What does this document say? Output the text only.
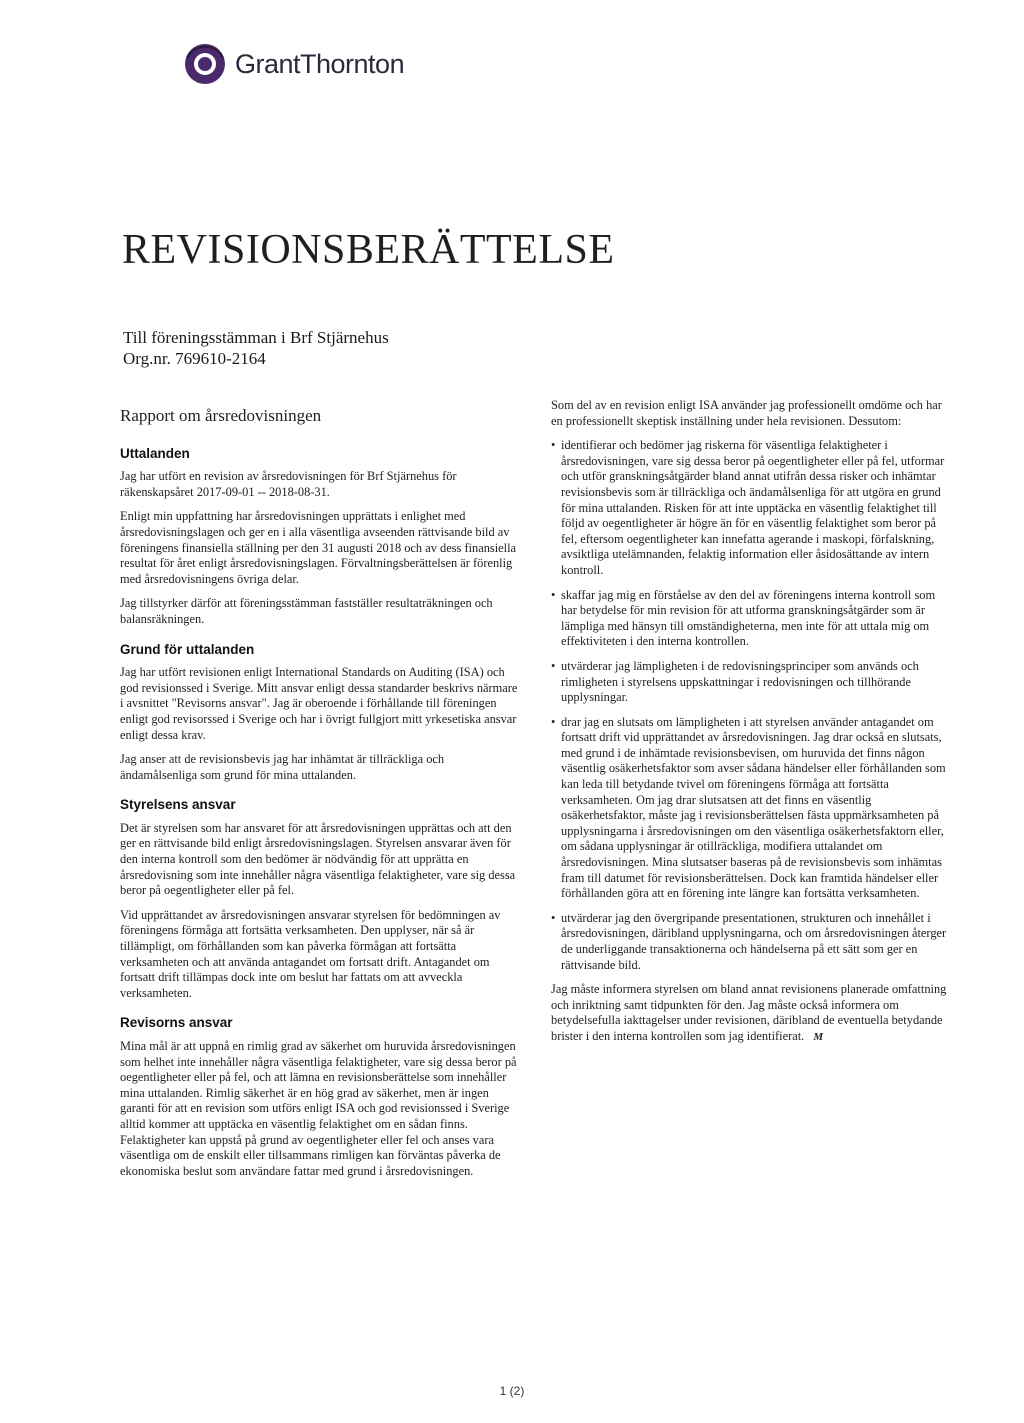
GrantThornton
REVISIONSBERÄTTELSE
Till föreningsstämman i Brf Stjärnehus
Org.nr. 769610-2164
Rapport om årsredovisningen
Uttalanden

Jag har utfört en revision av årsredovisningen för Brf Stjärnehus för räkenskapsåret 2017-09-01 -- 2018-08-31.

Enligt min uppfattning har årsredovisningen upprättats i enlighet med årsredovisningslagen och ger en i alla väsentliga avseenden rättvisande bild av föreningens finansiella ställning per den 31 augusti 2018 och av dess finansiella resultat för året enligt årsredovisningslagen. Förvaltningsberättelsen är förenlig med årsredovisningens övriga delar.

Jag tillstyrker därför att föreningsstämman fastställer resultaträkningen och balansräkningen.

Grund för uttalanden

Jag har utfört revisionen enligt International Standards on Auditing (ISA) och god revisionssed i Sverige. Mitt ansvar enligt dessa standarder beskrivs närmare i avsnittet "Revisorns ansvar". Jag är oberoende i förhållande till föreningen enligt god revisorssed i Sverige och har i övrigt fullgjort mitt yrkesetiska ansvar enligt dessa krav.

Jag anser att de revisionsbevis jag har inhämtat är tillräckliga och ändamålsenliga som grund för mina uttalanden.

Styrelsens ansvar

Det är styrelsen som har ansvaret för att årsredovisningen upprättas och att den ger en rättvisande bild enligt årsredovisningslagen. Styrelsen ansvarar även för den interna kontroll som den bedömer är nödvändig för att upprätta en årsredovisning som inte innehåller några väsentliga felaktigheter, vare sig dessa beror på oegentligheter eller på fel.

Vid upprättandet av årsredovisningen ansvarar styrelsen för bedömningen av föreningens förmåga att fortsätta verksamheten. Den upplyser, när så är tillämpligt, om förhållanden som kan påverka förmågan att fortsätta verksamheten och att använda antagandet om fortsatt drift. Antagandet om fortsatt drift tillämpas dock inte om beslut har fattats om att avveckla verksamheten.

Revisorns ansvar

Mina mål är att uppnå en rimlig grad av säkerhet om huruvida årsredovisningen som helhet inte innehåller några väsentliga felaktigheter, vare sig dessa beror på oegentligheter eller på fel, och att lämna en revisionsberättelse som innehåller mina uttalanden. Rimlig säkerhet är en hög grad av säkerhet, men är ingen garanti för att en revision som utförs enligt ISA och god revisionssed i Sverige alltid kommer att upptäcka en väsentlig felaktighet om en sådan finns. Felaktigheter kan uppstå på grund av oegentligheter eller fel och anses vara väsentliga om de enskilt eller tillsammans rimligen kan förväntas påverka de ekonomiska beslut som användare fattar med grund i årsredovisningen.

Som del av en revision enligt ISA använder jag professionellt omdöme och har en professionellt skeptisk inställning under hela revisionen. Dessutom:

• identifierar och bedömer jag riskerna för väsentliga felaktigheter i årsredovisningen, vare sig dessa beror på oegentligheter eller på fel, utformar och utför granskningsåtgärder bland annat utifrån dessa risker och inhämtar revisionsbevis som är tillräckliga och ändamålsenliga för att utgöra en grund för mina uttalanden. Risken för att inte upptäcka en väsentlig felaktighet till följd av oegentligheter är högre än för en väsentlig felaktighet som beror på fel, eftersom oegentligheter kan innefatta agerande i maskopi, förfalskning, avsiktliga utelämnanden, felaktig information eller åsidosättande av intern kontroll.
• skaffar jag mig en förståelse av den del av föreningens interna kontroll som har betydelse för min revision för att utforma granskningsåtgärder som är lämpliga med hänsyn till omständigheterna, men inte för att uttala mig om effektiviteten i den interna kontrollen.
• utvärderar jag lämpligheten i de redovisningsprinciper som används och rimligheten i styrelsens uppskattningar i redovisningen och tillhörande upplysningar.
• drar jag en slutsats om lämpligheten i att styrelsen använder antagandet om fortsatt drift vid upprättandet av årsredovisningen. Jag drar också en slutsats, med grund i de inhämtade revisionsbevisen, om huruvida det finns någon väsentlig osäkerhetsfaktor som avser sådana händelser eller förhållanden som kan leda till betydande tvivel om föreningens förmåga att fortsätta verksamheten. Om jag drar slutsatsen att det finns en väsentlig osäkerhetsfaktor, måste jag i revisionsberättelsen fästa uppmärksamheten på upplysningarna i årsredovisningen om den väsentliga osäkerhetsfaktorn eller, om sådana upplysningar är otillräckliga, modifiera uttalandet om årsredovisningen. Mina slutsatser baseras på de revisionsbevis som inhämtas fram till datumet för revisionsberättelsen. Dock kan framtida händelser eller förhållanden göra att en förening inte längre kan fortsätta verksamheten.
• utvärderar jag den övergripande presentationen, strukturen och innehållet i årsredovisningen, däribland upplysningarna, och om årsredovisningen återger de underliggande transaktionerna och händelserna på ett sätt som ger en rättvisande bild.

Jag måste informera styrelsen om bland annat revisionens planerade omfattning och inriktning samt tidpunkten för den. Jag måste också informera om betydelsefulla iakttagelser under revisionen, däribland de eventuella betydande brister i den interna kontrollen som jag identifierat. M

1 (2)
